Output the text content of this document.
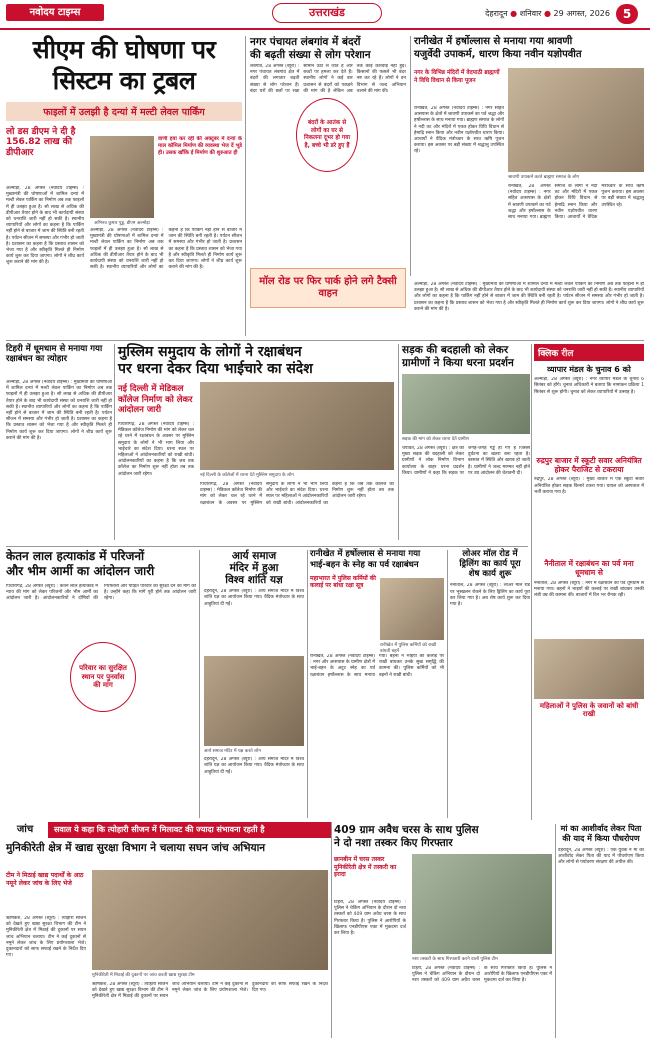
नवोदय टाइम्स	उत्तराखंड	देहरादून ● शनिवार ● 29 अगस्त, 2026	5
सीएम की घोषणा पर
सिस्टम का ट्रबल
फाइलों में उलझी है दन्यां में मल्टी लेवल पार्किंग
लो डस डीएम ने दी है 156.82 लाख की डीपीआर
अभिनव कुमार पुडु, डीएम अल्मोड़ा
वाणी हवा कर रही की अक्टूबर में दन्यां के माल कॉमिल मिर्माण की व्यवस्था भेज दें भूडे ही। उसक खाँकि ई मिर्माण की शुरुआत ही
अल्मोड़ा, 28 अगस्त (नवोदय टाइम्स) : मुख्यमंत्री की घोषणाओं में शामिल दन्यां में मल्टी लेवल पार्किंग का निर्माण अब तक फाइलों में ही उलझा हुआ है। सौ लाख से अधिक की डीपीआर तैयार होने के बाद भी कार्यदायी संस्था को धनराशि जारी नहीं हो सकी है। स्थानीय व्यापारियों और लोगों का कहना है कि पार्किंग नहीं होने से बाजार में जाम की स्थिति बनी रहती है। पर्यटन सीजन में समस्या और गंभीर हो जाती है। प्रशासन का कहना है कि प्रस्ताव शासन को भेजा गया है और स्वीकृति मिलते ही निर्माण कार्य शुरू कर दिया जाएगा। लोगों ने शीघ्र कार्य शुरू कराने की मांग की है।
अल्मोड़ा, 28 अगस्त (नवोदय टाइम्स) : मुख्यमंत्री की घोषणाओं में शामिल दन्यां में मल्टी लेवल पार्किंग का निर्माण अब तक फाइलों में ही उलझा हुआ है। सौ लाख से अधिक की डीपीआर तैयार होने के बाद भी कार्यदायी संस्था को धनराशि जारी नहीं हो सकी है। स्थानीय व्यापारियों और लोगों का कहना है कि पार्किंग नहीं होने से बाजार में जाम की स्थिति बनी रहती है। पर्यटन सीजन में समस्या और गंभीर हो जाती है। प्रशासन का कहना है कि प्रस्ताव शासन को भेजा गया है और स्वीकृति मिलते ही निर्माण कार्य शुरू कर दिया जाएगा। लोगों ने शीघ्र कार्य शुरू कराने की मांग की है।
नगर पंचायत लंबगांव में बंदरों
की बढ़ती संख्या से लोग परेशान
लंबगांव, 28 अगस्त (ब्यूरो) : नगर पंचायत लंबगांव क्षेत्र में बंदरों की लगातार बढ़ती संख्या से लोग परेशान हैं। बंदर घरों की छतों पर रखा सामान उठा ले जाते हैं और बच्चों पर हमला कर देते हैं। स्थानीय लोगों ने कई बार प्रशासन से बंदरों को पकड़ने की मांग की है लेकिन अब तक कोई कार्रवाई नहीं हुई। किसानों की फसलें भी बंदर नष्ट कर रहे हैं। लोगों ने वन विभाग से जल्द अभियान चलाने की मांग की।
बंदरों के आतंक से लोगों का घर से निकलना दूभर हो गया है, बच्चे भी डरे हुए हैं
मॉल रोड पर फिर पार्क होने लगे टैक्सी वाहन
रानीखेत में हर्षोल्लास से मनाया गया श्रावणी
यजुर्वेदी उपाकर्म, धारण किया नवीन यज्ञोपवीत
नगर के विभिन्न मंदिरों में वेदपाठी ब्राह्मणों ने विधि विधान से किया पूजन
रानीखेत, 28 अगस्त (नवोदय टाइम्स) : नगर सहित आसपास के क्षेत्रों में श्रावणी उपाकर्म का पर्व श्रद्धा और हर्षोल्लास के साथ मनाया गया। ब्राह्मण समाज के लोगों ने नदी तट और मंदिरों में एकत्र होकर विधि विधान से हेमाद्रि स्नान किया और नवीन यज्ञोपवीत धारण किया। आचार्यों ने वैदिक मंत्रोच्चार के साथ ऋषि पूजन कराया। इस अवसर पर बड़ी संख्या में श्रद्धालु उपस्थित रहे।
श्रावणी उपाकर्म करते ब्राह्मण समाज के लोग
रानीखेत, 28 अगस्त (नवोदय टाइम्स) : नगर सहित आसपास के क्षेत्रों में श्रावणी उपाकर्म का पर्व श्रद्धा और हर्षोल्लास के साथ मनाया गया। ब्राह्मण समाज के लोगों ने नदी तट और मंदिरों में एकत्र होकर विधि विधान से हेमाद्रि स्नान किया और नवीन यज्ञोपवीत धारण किया। आचार्यों ने वैदिक मंत्रोच्चार के साथ ऋषि पूजन कराया। इस अवसर पर बड़ी संख्या में श्रद्धालु उपस्थित रहे।
अल्मोड़ा, 28 अगस्त (नवोदय टाइम्स) : मुख्यमंत्री की घोषणाओं में शामिल दन्यां में मल्टी लेवल पार्किंग का निर्माण अब तक फाइलों में ही उलझा हुआ है। सौ लाख से अधिक की डीपीआर तैयार होने के बाद भी कार्यदायी संस्था को धनराशि जारी नहीं हो सकी है। स्थानीय व्यापारियों और लोगों का कहना है कि पार्किंग नहीं होने से बाजार में जाम की स्थिति बनी रहती है। पर्यटन सीजन में समस्या और गंभीर हो जाती है। प्रशासन का कहना है कि प्रस्ताव शासन को भेजा गया है और स्वीकृति मिलते ही निर्माण कार्य शुरू कर दिया जाएगा। लोगों ने शीघ्र कार्य शुरू कराने की मांग की है।
मुस्लिम समुदाय के लोगों ने रक्षाबंधन
पर धरना देकर दिया भाईचारे का संदेश
नई दिल्ली में मेडिकल कॉलेज निर्माण को लेकर आंदोलन जारी
पिथौरागढ़, 28 अगस्त (नवोदय टाइम्स) : मेडिकल कॉलेज निर्माण की मांग को लेकर चल रहे धरने में रक्षाबंधन के अवसर पर मुस्लिम समुदाय के लोगों ने भी भाग लिया और भाईचारे का संदेश दिया। धरना स्थल पर महिलाओं ने आंदोलनकारियों को राखी बांधी। आंदोलनकारियों का कहना है कि जब तक कॉलेज का निर्माण शुरू नहीं होता तब तक आंदोलन जारी रहेगा।	नई दिल्ली के कॉलेजों में धरना देते मुस्लिम समुदाय के लोग
पिथौरागढ़, 28 अगस्त (नवोदय टाइम्स) : मेडिकल कॉलेज निर्माण की मांग को लेकर चल रहे धरने में रक्षाबंधन के अवसर पर मुस्लिम समुदाय के लोगों ने भी भाग लिया और भाईचारे का संदेश दिया। धरना स्थल पर महिलाओं ने आंदोलनकारियों को राखी बांधी। आंदोलनकारियों का कहना है कि जब तक कॉलेज का निर्माण शुरू नहीं होता तब तक आंदोलन जारी रहेगा।
टिहरी में धूमधाम से मनाया गया रक्षाबंधन का त्योहार
अल्मोड़ा, 28 अगस्त (नवोदय टाइम्स) : मुख्यमंत्री की घोषणाओं में शामिल दन्यां में मल्टी लेवल पार्किंग का निर्माण अब तक फाइलों में ही उलझा हुआ है। सौ लाख से अधिक की डीपीआर तैयार होने के बाद भी कार्यदायी संस्था को धनराशि जारी नहीं हो सकी है। स्थानीय व्यापारियों और लोगों का कहना है कि पार्किंग नहीं होने से बाजार में जाम की स्थिति बनी रहती है। पर्यटन सीजन में समस्या और गंभीर हो जाती है। प्रशासन का कहना है कि प्रस्ताव शासन को भेजा गया है और स्वीकृति मिलते ही निर्माण कार्य शुरू कर दिया जाएगा। लोगों ने शीघ्र कार्य शुरू कराने की मांग की है।
सड़क की बदहाली को लेकर
ग्रामीणों ने किया धरना प्रदर्शन
सड़क की मांग को लेकर धरना देते ग्रामीण
चंपावत, 28 अगस्त (ब्यूरो) : क्षेत्र की मुख्य सड़क की बदहाली को लेकर ग्रामीणों ने लोक निर्माण विभाग कार्यालय के बाहर धरना प्रदर्शन किया। ग्रामीणों ने कहा कि सड़क पर जगह-जगह गड्ढे हो गए हैं जिससे दुर्घटना का खतरा बना रहता है। बरसात में स्थिति और खराब हो जाती है। ग्रामीणों ने जल्द मरम्मत नहीं होने पर उग्र आंदोलन की चेतावनी दी।
क्लिक रील
व्यापार मंडल के चुनाव 6 को
अल्मोड़ा, 28 अगस्त (ब्यूरो) : नगर व्यापार मंडल के चुनाव 6 सितंबर को होंगे। चुनाव अधिकारी ने बताया कि नामांकन प्रक्रिया 1 सितंबर से शुरू होगी। चुनाव को लेकर व्यापारियों में उत्साह है।
रुद्रपुर बाजार में स्कूटी सवार अनियंत्रित होकर पैराजिट से टकराया
रुद्रपुर, 28 अगस्त (ब्यूरो) : मुख्य बाजार में एक स्कूटी सवार अनियंत्रित होकर सड़क किनारे टकरा गया। घायल को अस्पताल में भर्ती कराया गया है।
नैनीताल में रक्षाबंधन का पर्व मना धूमधाम से
नैनीताल, 28 अगस्त (ब्यूरो) : नगर में रक्षाबंधन का पर्व धूमधाम से मनाया गया। बहनों ने भाइयों की कलाई पर राखी बांधकर उनकी लंबी उम्र की कामना की। बाजारों में दिन भर रौनक रही।
महिलाओं ने पुलिस के जवानों को बांधी राखी
केतन लाल हत्याकांड में परिजनों
और भीम आर्मी का आंदोलन जारी
पिथौरागढ़, 28 अगस्त (ब्यूरो) : केतन लाल हत्याकांड में न्याय की मांग को लेकर परिजनों और भीम आर्मी का आंदोलन जारी है। आंदोलनकारियों ने दोषियों की गिरफ्तारी और पीड़ित परिवार को सुरक्षा देने की मांग की है। उन्होंने कहा कि मांगें पूरी होने तक आंदोलन जारी रहेगा।
परिवार का सुरक्षित स्थान पर पुनर्वास की मांग
आर्य समाज
मंदिर में हुआ
विश्व शांति यज्ञ
देहरादून, 28 अगस्त (ब्यूरो) : आर्य समाज मंदिर में विश्व शांति यज्ञ का आयोजन किया गया। वैदिक मंत्रोच्चार के साथ आहुतियां दी गईं।
आर्य समाज मंदिर में यज्ञ करते लोग
देहरादून, 28 अगस्त (ब्यूरो) : आर्य समाज मंदिर में विश्व शांति यज्ञ का आयोजन किया गया। वैदिक मंत्रोच्चार के साथ आहुतियां दी गईं।
रानीखेत में हर्षोल्लास से मनाया गया
भाई-बहन के स्नेह का पर्व रक्षाबंधन
महाभारत में पुलिस कर्मियों की कलाई पर बांधा रक्षा सूत्र
रानीखेत में पुलिस कर्मियों को राखी बांधती बहनें
रानीखेत, 28 अगस्त (नवोदय टाइम्स) : नगर और आसपास के ग्रामीण क्षेत्रों में भाई-बहन के अटूट स्नेह का पर्व रक्षाबंधन हर्षोल्लास के साथ मनाया गया। बहनों ने भाइयों की कलाई पर राखी बांधकर उनके सुख समृद्धि की कामना की। पुलिस कर्मियों को भी बहनों ने राखी बांधी।
लोअर मॉल रोड में
ड्रिलिंग का कार्य पूरा
शेष कार्य शुरू
नैनीताल, 28 अगस्त (ब्यूरो) : लोअर मॉल रोड पर भूस्खलन रोकने के लिए ड्रिलिंग का कार्य पूरा कर लिया गया है। अब शेष कार्य शुरू कर दिया गया है।
जांच	सवाल ये कहा कि त्योहारी सीजन में मिलावट की ज्यादा संभावना रहती है
मुनिकीरेती क्षेत्र में खाद्य सुरक्षा विभाग ने चलाया सघन जांच अभियान
टीम ने मिठाई खाद्य पदार्थों के आठ नमूने लेकर जांच के लिए भेजे
ऋषिकेश, 28 अगस्त (ब्यूरो) : त्योहारी सीजन को देखते हुए खाद्य सुरक्षा विभाग की टीम ने मुनिकीरेती क्षेत्र में मिठाई की दुकानों पर सघन जांच अभियान चलाया। टीम ने कई दुकानों से नमूने लेकर जांच के लिए प्रयोगशाला भेजे। दुकानदारों को साफ सफाई रखने के निर्देश दिए गए।
मुनिकीरेती में मिठाई की दुकानों पर जांच करती खाद्य सुरक्षा टीम
ऋषिकेश, 28 अगस्त (ब्यूरो) : त्योहारी सीजन को देखते हुए खाद्य सुरक्षा विभाग की टीम ने मुनिकीरेती क्षेत्र में मिठाई की दुकानों पर सघन जांच अभियान चलाया। टीम ने कई दुकानों से नमूने लेकर जांच के लिए प्रयोगशाला भेजे। दुकानदारों को साफ सफाई रखने के निर्देश दिए गए।
409 ग्राम अवैध चरस के साथ पुलिस
ने दो नशा तस्कर किए गिरफ्तार
छानबीन में चरस तस्कर मुनिकीरेती क्षेत्र में तस्करी का इरादा
टिहरी, 28 अगस्त (नवोदय टाइम्स) : पुलिस ने चेकिंग अभियान के दौरान दो नशा तस्करों को 409 ग्राम अवैध चरस के साथ गिरफ्तार किया है। पुलिस ने आरोपियों के खिलाफ एनडीपीएस एक्ट में मुकदमा दर्ज कर लिया है।
नशा तस्करों के साथ गिरफ्तारी करने वाली पुलिस टीम
टिहरी, 28 अगस्त (नवोदय टाइम्स) : पुलिस ने चेकिंग अभियान के दौरान दो नशा तस्करों को 409 ग्राम अवैध चरस के साथ गिरफ्तार किया है। पुलिस ने आरोपियों के खिलाफ एनडीपीएस एक्ट में मुकदमा दर्ज कर लिया है।
मां का आशीर्वाद लेकर पिता की याद में किया पौधरोपण
देहरादून, 28 अगस्त (ब्यूरो) : एक युवक ने मां का आशीर्वाद लेकर पिता की याद में पौधरोपण किया और लोगों से पर्यावरण संरक्षण की अपील की।
